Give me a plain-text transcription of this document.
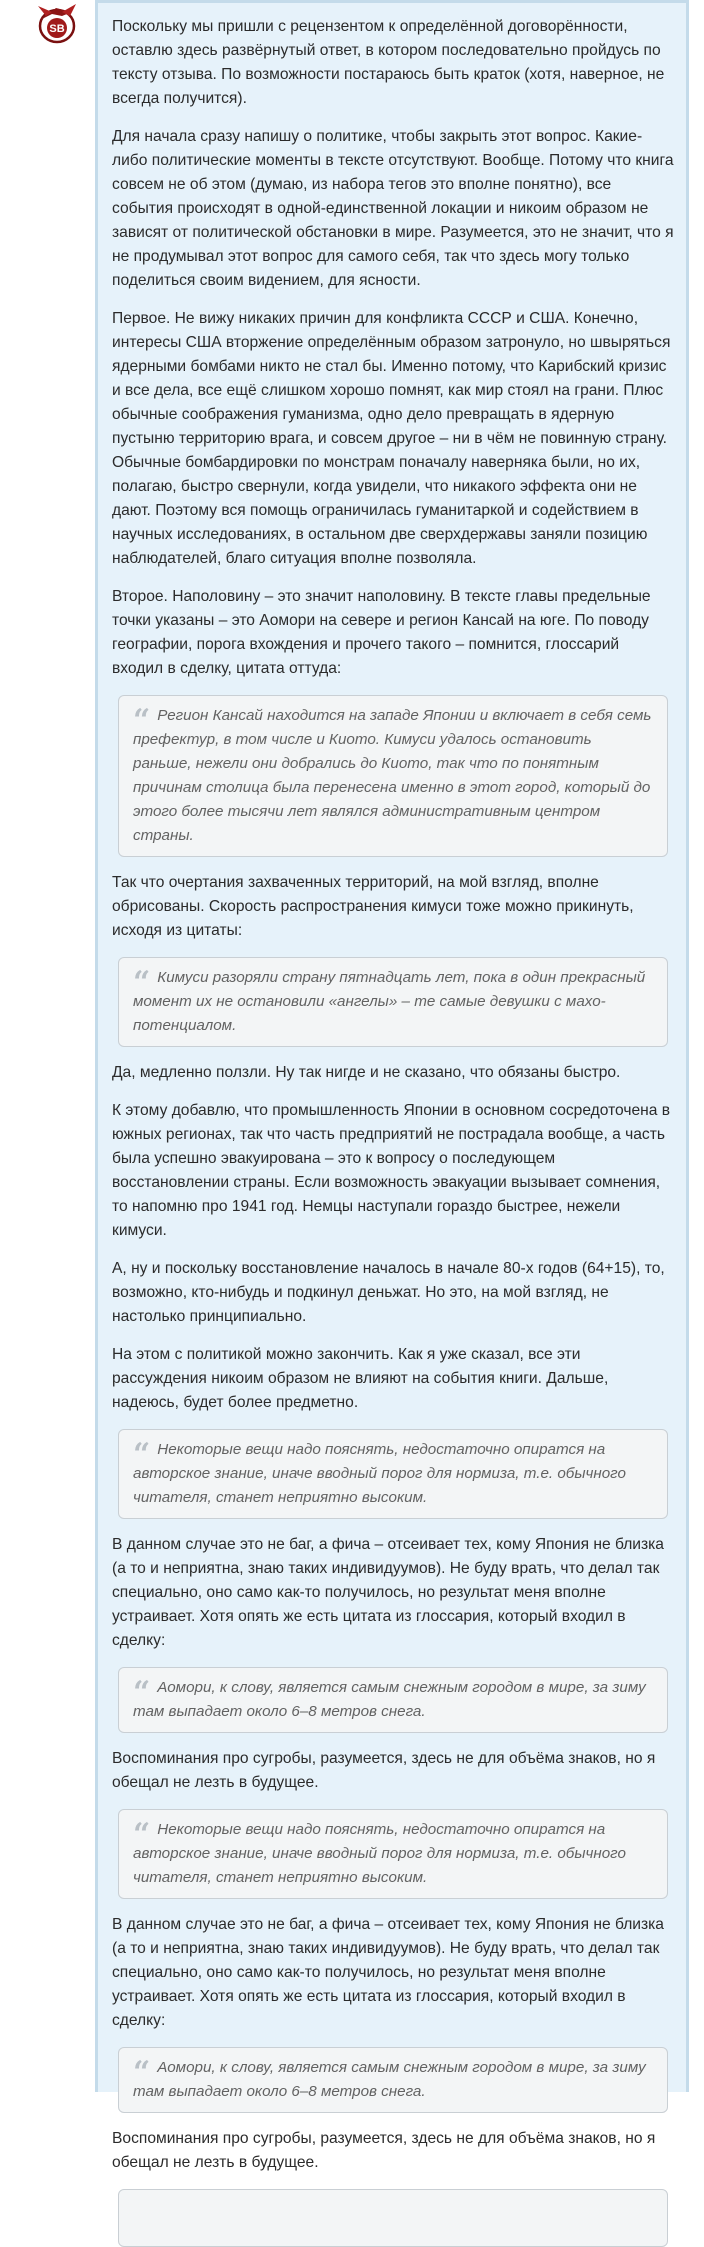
SB	Поскольку мы пришли с рецензентом к определённой договорённости, оставлю здесь развёрнутый ответ, в котором последовательно пройдусь по тексту отзыва. По возможности постараюсь быть краток (хотя, наверное, не всегда получится).

Для начала сразу напишу о политике, чтобы закрыть этот вопрос. Какие-либо политические моменты в тексте отсутствуют. Вообще. Потому что книга совсем не об этом (думаю, из набора тегов это вполне понятно), все события происходят в одной-единственной локации и никоим образом не зависят от политической обстановки в мире. Разумеется, это не значит, что я не продумывал этот вопрос для самого себя, так что здесь могу только поделиться своим видением, для ясности.

Первое. Не вижу никаких причин для конфликта СССР и США. Конечно, интересы США вторжение определённым образом затронуло, но швыряться ядерными бомбами никто не стал бы. Именно потому, что Карибский кризис и все дела, все ещё слишком хорошо помнят, как мир стоял на грани. Плюс обычные соображения гуманизма, одно дело превращать в ядерную пустыню территорию врага, и совсем другое – ни в чём не повинную страну. Обычные бомбардировки по монстрам поначалу наверняка были, но их, полагаю, быстро свернули, когда увидели, что никакого эффекта они не дают. Поэтому вся помощь ограничилась гуманитаркой и содействием в научных исследованиях, в остальном две сверхдержавы заняли позицию наблюдателей, благо ситуация вполне позволяла.

Второе. Наполовину – это значит наполовину. В тексте главы предельные точки указаны – это Аомори на севере и регион Кансай на юге. По поводу географии, порога вхождения и прочего такого – помнится, глоссарий входил в сделку, цитата оттуда:

“ Регион Кансай находится на западе Японии и включает в себя семь префектур, в том числе и Киото. Кимуси удалось остановить раньше, нежели они добрались до Киото, так что по понятным причинам столица была перенесена именно в этот город, который до этого более тысячи лет являлся административным центром страны.

Так что очертания захваченных территорий, на мой взгляд, вполне обрисованы. Скорость распространения кимуси тоже можно прикинуть, исходя из цитаты:

“ Кимуси разоряли страну пятнадцать лет, пока в один прекрасный момент их не остановили «ангелы» – те самые девушки с махо-потенциалом.

Да, медленно ползли. Ну так нигде и не сказано, что обязаны быстро.

К этому добавлю, что промышленность Японии в основном сосредоточена в южных регионах, так что часть предприятий не пострадала вообще, а часть была успешно эвакуирована – это к вопросу о последующем восстановлении страны. Если возможность эвакуации вызывает сомнения, то напомню про 1941 год. Немцы наступали гораздо быстрее, нежели кимуси.

А, ну и поскольку восстановление началось в начале 80-х годов (64+15), то, возможно, кто-нибудь и подкинул деньжат. Но это, на мой взгляд, не настолько принципиально.

На этом с политикой можно закончить. Как я уже сказал, все эти рассуждения никоим образом не влияют на события книги. Дальше, надеюсь, будет более предметно.

“ Некоторые вещи надо пояснять, недостаточно опиратся на авторское знание, иначе вводный порог для нормиза, т.е. обычного читателя, станет неприятно высоким.

В данном случае это не баг, а фича – отсеивает тех, кому Япония не близка (а то и неприятна, знаю таких индивидуумов). Не буду врать, что делал так специально, оно само как-то получилось, но результат меня вполне устраивает. Хотя опять же есть цитата из глоссария, который входил в сделку:

“ Аомори, к слову, является самым снежным городом в мире, за зиму там выпадает около 6–8 метров снега.

Воспоминания про сугробы, разумеется, здесь не для объёма знаков, но я обещал не лезть в будущее.

“ Некоторые вещи надо пояснять, недостаточно опиратся на авторское знание, иначе вводный порог для нормиза, т.е. обычного читателя, станет неприятно высоким.

В данном случае это не баг, а фича – отсеивает тех, кому Япония не близка (а то и неприятна, знаю таких индивидуумов). Не буду врать, что делал так специально, оно само как-то получилось, но результат меня вполне устраивает. Хотя опять же есть цитата из глоссария, который входил в сделку:

“ Аомори, к слову, является самым снежным городом в мире, за зиму там выпадает около 6–8 метров снега.

Воспоминания про сугробы, разумеется, здесь не для объёма знаков, но я обещал не лезть в будущее.
